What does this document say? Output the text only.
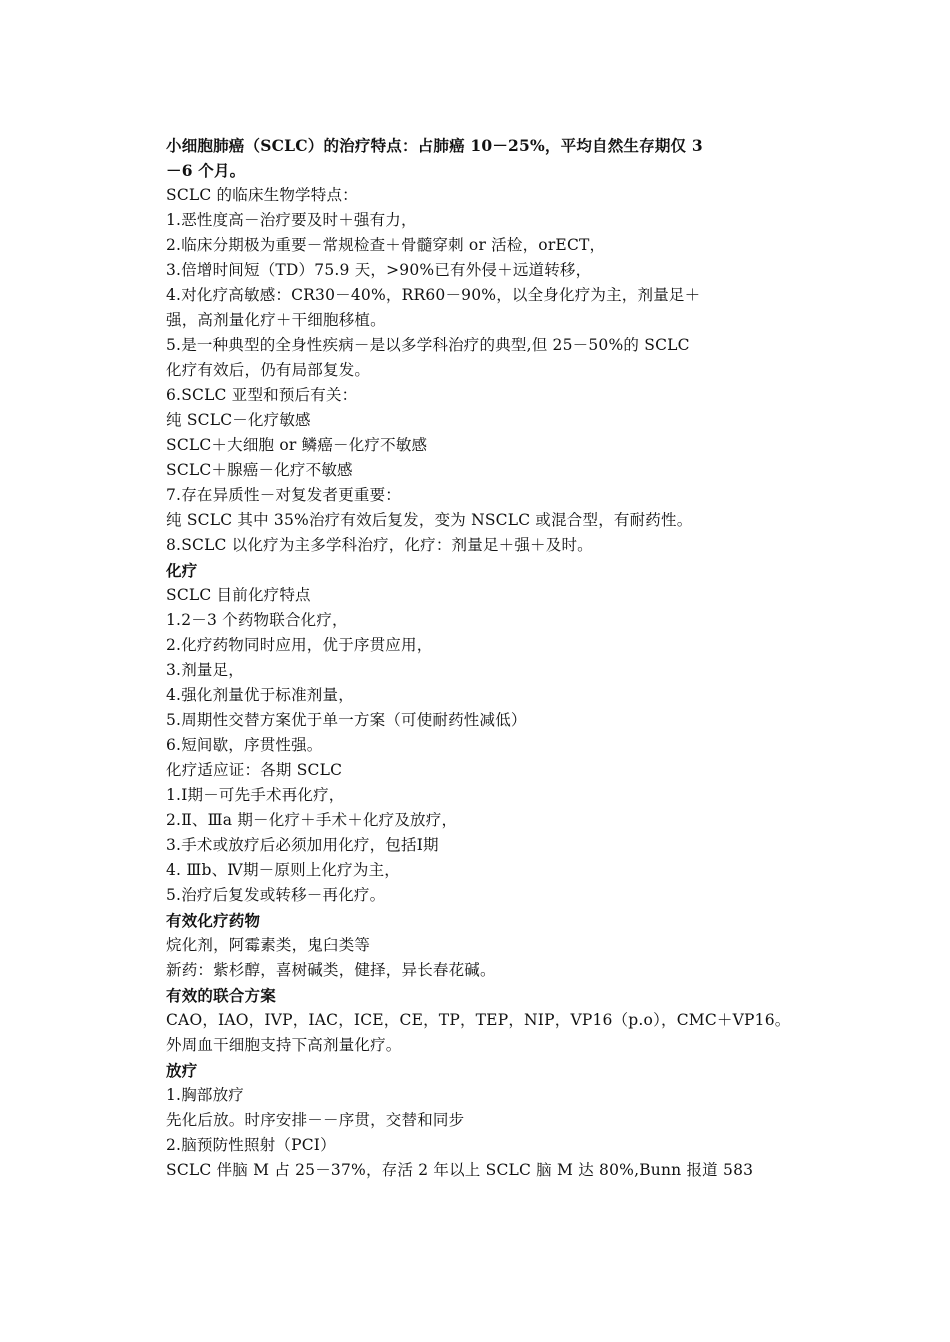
小细胞肺癌（SCLC）的治疗特点：占肺癌 10－25%，平均自然生存期仅 3
－6 个月。
SCLC 的临床生物学特点：
1.恶性度高－治疗要及时＋强有力，
2.临床分期极为重要－常规检查＋骨髓穿刺 or 活检，orECT，
3.倍增时间短（TD）75.9 天，>90%已有外侵＋远道转移，
4.对化疗高敏感：CR30－40%，RR60－90%，以全身化疗为主，剂量足＋
强，高剂量化疗＋干细胞移植。
5.是一种典型的全身性疾病－是以多学科治疗的典型,但 25－50%的 SCLC
化疗有效后，仍有局部复发。
6.SCLC 亚型和预后有关：
纯 SCLC－化疗敏感
SCLC＋大细胞 or 鳞癌－化疗不敏感
SCLC＋腺癌－化疗不敏感
7.存在异质性－对复发者更重要：
纯 SCLC 其中 35%治疗有效后复发，变为 NSCLC 或混合型，有耐药性。
8.SCLC 以化疗为主多学科治疗，化疗：剂量足＋强＋及时。
化疗
SCLC 目前化疗特点
1.2－3 个药物联合化疗，
2.化疗药物同时应用，优于序贯应用，
3.剂量足，
4.强化剂量优于标准剂量，
5.周期性交替方案优于单一方案（可使耐药性减低）
6.短间歇，序贯性强。
化疗适应证：各期 SCLC
1.Ⅰ期－可先手术再化疗，
2.Ⅱ、Ⅲa 期－化疗＋手术＋化疗及放疗，
3.手术或放疗后必须加用化疗，包括Ⅰ期
4. Ⅲb、Ⅳ期－原则上化疗为主，
5.治疗后复发或转移－再化疗。
有效化疗药物
烷化剂，阿霉素类，鬼臼类等
新药：紫杉醇，喜树碱类，健择，异长春花碱。
有效的联合方案
CAO，IAO，IVP，IAC，ICE，CE，TP，TEP，NIP，VP16（p.o），CMC＋VP16。
外周血干细胞支持下高剂量化疗。
放疗
1.胸部放疗
先化后放。时序安排－－序贯，交替和同步
2.脑预防性照射（PCI）
SCLC 伴脑 M 占 25－37%，存活 2 年以上 SCLC 脑 M 达 80%,Bunn 报道 583
